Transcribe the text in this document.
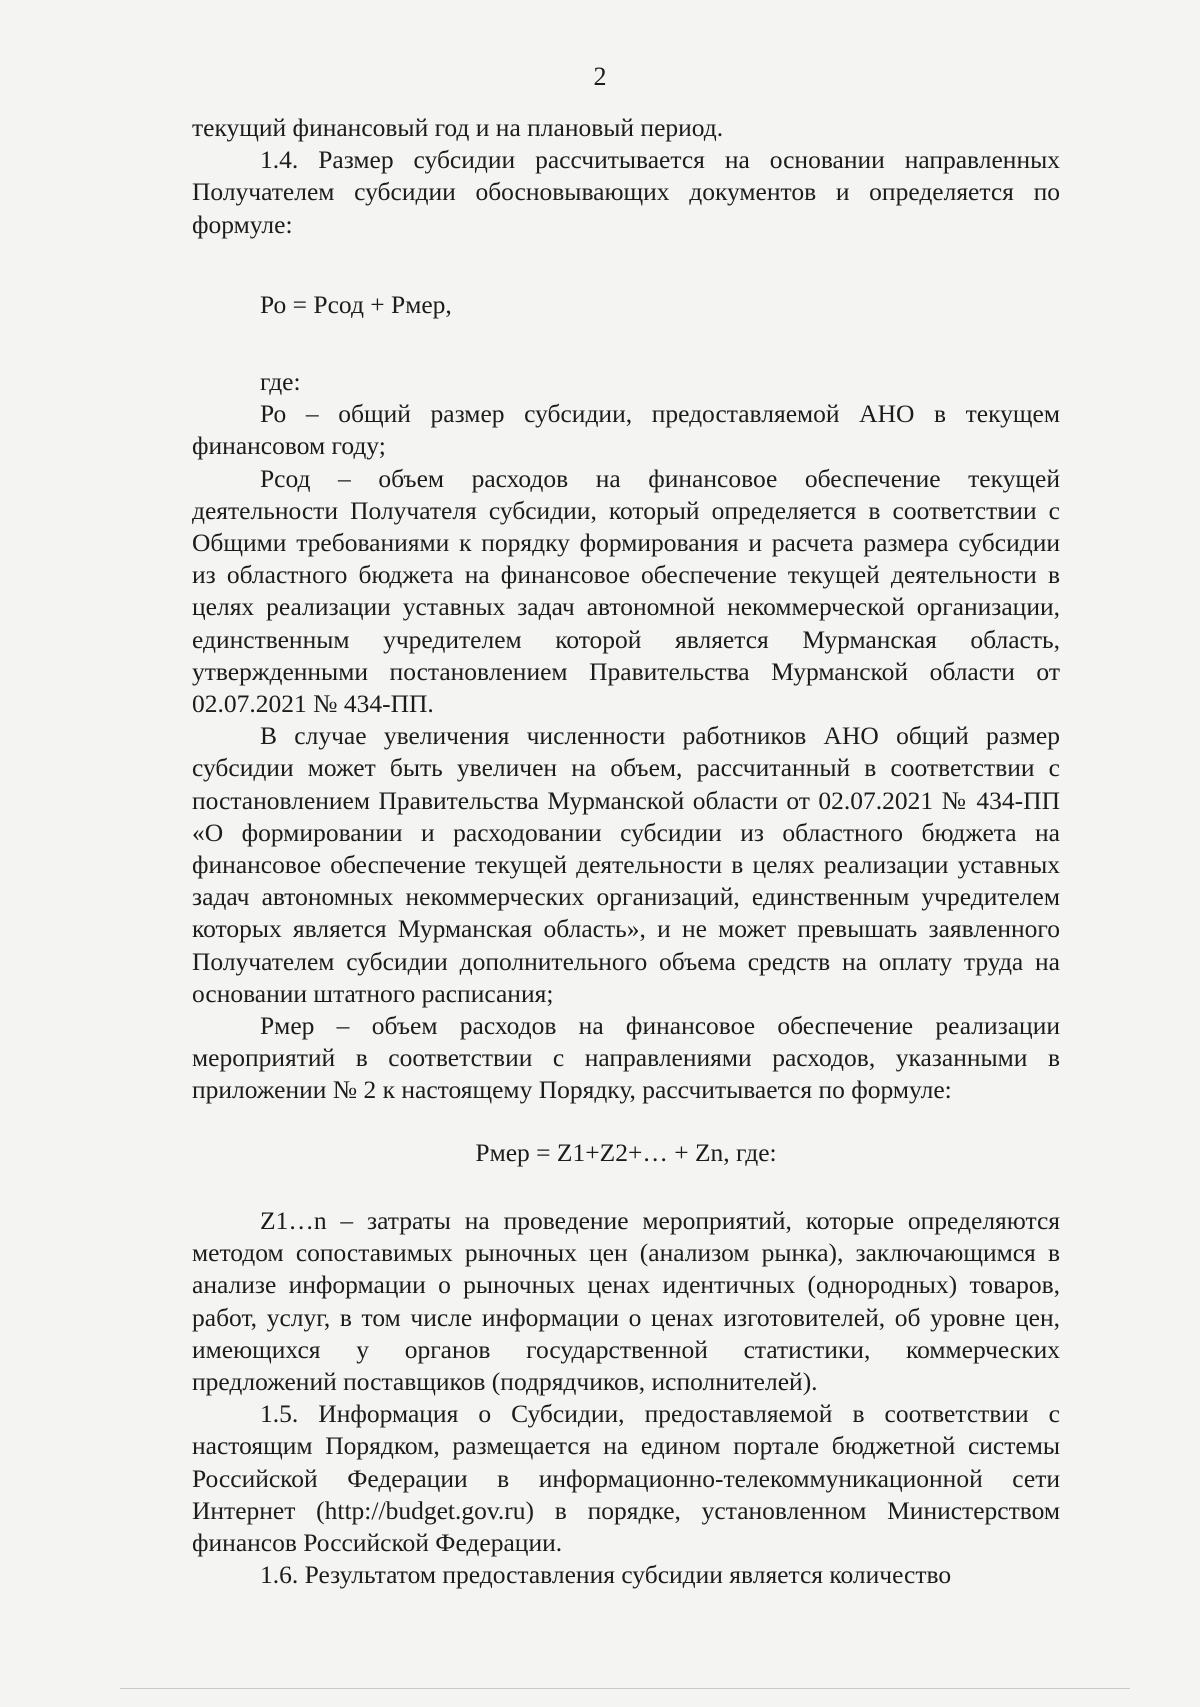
2

текущий финансовый год и на плановый период.

1.4. Размер субсидии рассчитывается на основании направленных Получателем субсидии обосновывающих документов и определяется по формуле:

Ро = Рсод + Рмер,

где:

Ро – общий размер субсидии, предоставляемой АНО в текущем финансовом году;

Рсод – объем расходов на финансовое обеспечение текущей деятельности Получателя субсидии, который определяется в соответствии с Общими требованиями к порядку формирования и расчета размера субсидии из областного бюджета на финансовое обеспечение текущей деятельности в целях реализации уставных задач автономной некоммерческой организации, единственным учредителем которой является Мурманская область, утвержденными постановлением Правительства Мурманской области от 02.07.2021 № 434-ПП.

В случае увеличения численности работников АНО общий размер субсидии может быть увеличен на объем, рассчитанный в соответствии с постановлением Правительства Мурманской области от 02.07.2021 № 434-ПП «О формировании и расходовании субсидии из областного бюджета на финансовое обеспечение текущей деятельности в целях реализации уставных задач автономных некоммерческих организаций, единственным учредителем которых является Мурманская область», и не может превышать заявленного Получателем субсидии дополнительного объема средств на оплату труда на основании штатного расписания;

Рмер – объем расходов на финансовое обеспечение реализации мероприятий в соответствии с направлениями расходов, указанными в приложении № 2 к настоящему Порядку, рассчитывается по формуле:

Рмер = Z1+Z2+… + Zn, где:

Z1…n – затраты на проведение мероприятий, которые определяются методом сопоставимых рыночных цен (анализом рынка), заключающимся в анализе информации о рыночных ценах идентичных (однородных) товаров, работ, услуг, в том числе информации о ценах изготовителей, об уровне цен, имеющихся у органов государственной статистики, коммерческих предложений поставщиков (подрядчиков, исполнителей).

1.5. Информация о Субсидии, предоставляемой в соответствии с настоящим Порядком, размещается на едином портале бюджетной системы Российской Федерации в информационно-телекоммуникационной сети Интернет (http://budget.gov.ru) в порядке, установленном Министерством финансов Российской Федерации.

1.6. Результатом предоставления субсидии является количество
